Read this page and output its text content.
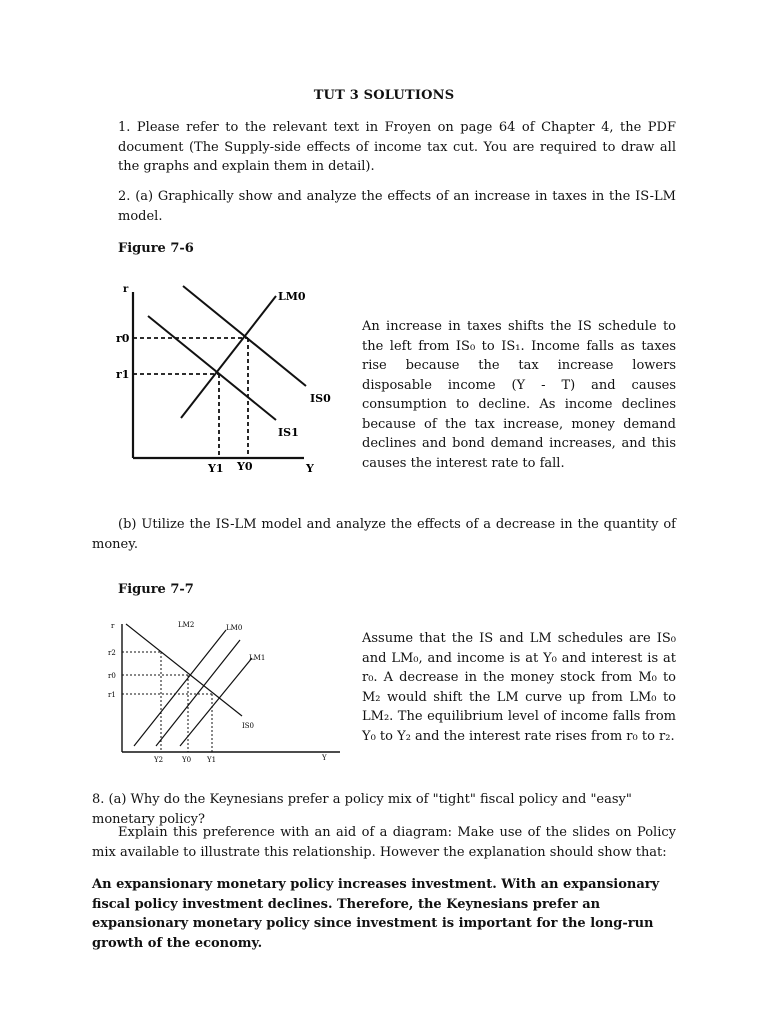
TUT 3 SOLUTIONS
1. Please refer to the relevant text in Froyen on page 64 of Chapter 4, the PDF document (The Supply-side effects of income tax cut. You are required to draw all the graphs and explain them in detail).
2. (a) Graphically show and analyze the effects of an increase in taxes in the IS-LM model.
Figure 7-6
r
r0
r1
LM0
IS0
IS1
Y1 Y0	Y
An increase in taxes shifts the IS schedule to the left from IS₀ to IS₁. Income falls as taxes rise because the tax increase lowers disposable income (Y - T) and causes consumption to decline. As income declines because of the tax increase, money demand declines and bond demand increases, and this causes the interest rate to fall.
(b) Utilize the IS-LM model and analyze the effects of a decrease in the quantity of money.
Figure 7-7
r
r2
r0
r1
LM2	LM0
LM1
IS0
Y2	Y0 Y1	Y
Assume that the IS and LM schedules are IS₀ and LM₀, and income is at Y₀ and interest is at r₀. A decrease in the money stock from M₀ to M₂ would shift the LM curve up from LM₀ to LM₂. The equilibrium level of income falls from Y₀ to Y₂ and the interest rate rises from r₀ to r₂.
8. (a) Why do the Keynesians prefer a policy mix of "tight" fiscal policy and "easy" monetary policy?
Explain this preference with an aid of a diagram: Make use of the slides on Policy mix available to illustrate this relationship. However the explanation should show that:
An expansionary monetary policy increases investment. With an expansionary fiscal policy investment declines. Therefore, the Keynesians prefer an expansionary monetary policy since investment is important for the long-run growth of the economy.
